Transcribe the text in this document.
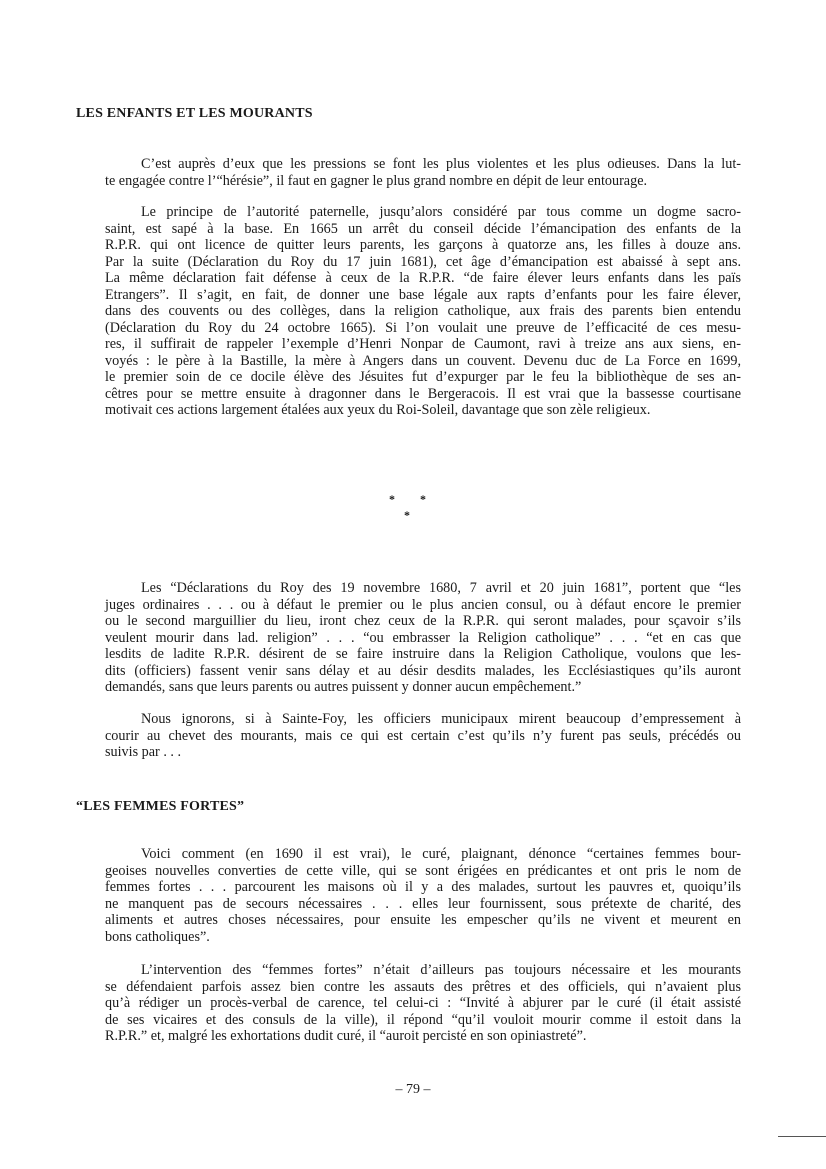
LES ENFANTS ET LES MOURANTS
C’est auprès d’eux que les pressions se font les plus violentes et les plus odieuses. Dans la lut-
te engagée contre l’“hérésie”, il faut en gagner le plus grand nombre en dépit de leur entourage.
Le principe de l’autorité paternelle, jusqu’alors considéré par tous comme un dogme sacro-
saint, est sapé à la base. En 1665 un arrêt du conseil décide l’émancipation des enfants de la
R.P.R. qui ont licence de quitter leurs parents, les garçons à quatorze ans, les filles à douze ans.
Par la suite (Déclaration du Roy du 17 juin 1681), cet âge d’émancipation est abaissé à sept ans.
La même déclaration fait défense à ceux de la R.P.R. “de faire élever leurs enfants dans les païs
Etrangers”. Il s’agit, en fait, de donner une base légale aux rapts d’enfants pour les faire élever,
dans des couvents ou des collèges, dans la religion catholique, aux frais des parents bien entendu
(Déclaration du Roy du 24 octobre 1665). Si l’on voulait une preuve de l’efficacité de ces mesu-
res, il suffirait de rappeler l’exemple d’Henri Nonpar de Caumont, ravi à treize ans aux siens, en-
voyés : le père à la Bastille, la mère à Angers dans un couvent. Devenu duc de La Force en 1699,
le premier soin de ce docile élève des Jésuites fut d’expurger par le feu la bibliothèque de ses an-
cêtres pour se mettre ensuite à dragonner dans le Bergeracois. Il est vrai que la bassesse courtisane
motivait ces actions largement étalées aux yeux du Roi-Soleil, davantage que son zèle religieux.
* *
*
Les “Déclarations du Roy des 19 novembre 1680, 7 avril et 20 juin 1681”, portent que “les
juges ordinaires . . . ou à défaut le premier ou le plus ancien consul, ou à défaut encore le premier
ou le second marguillier du lieu, iront chez ceux de la R.P.R. qui seront malades, pour sçavoir s’ils
veulent mourir dans lad. religion” . . . “ou embrasser la Religion catholique” . . . “et en cas que
lesdits de ladite R.P.R. désirent de se faire instruire dans la Religion Catholique, voulons que les-
dits (officiers) fassent venir sans délay et au désir desdits malades, les Ecclésiastiques qu’ils auront
demandés, sans que leurs parents ou autres puissent y donner aucun empêchement.”
Nous ignorons, si à Sainte-Foy, les officiers municipaux mirent beaucoup d’empressement à
courir au chevet des mourants, mais ce qui est certain c’est qu’ils n’y furent pas seuls, précédés ou
suivis par . . .
“LES FEMMES FORTES”
Voici comment (en 1690 il est vrai), le curé, plaignant, dénonce “certaines femmes bour-
geoises nouvelles converties de cette ville, qui se sont érigées en prédicantes et ont pris le nom de
femmes fortes . . . parcourent les maisons où il y a des malades, surtout les pauvres et, quoiqu’ils
ne manquent pas de secours nécessaires . . . elles leur fournissent, sous prétexte de charité, des
aliments et autres choses nécessaires, pour ensuite les empescher qu’ils ne vivent et meurent en
bons catholiques”.
L’intervention des “femmes fortes” n’était d’ailleurs pas toujours nécessaire et les mourants
se défendaient parfois assez bien contre les assauts des prêtres et des officiels, qui n’avaient plus
qu’à rédiger un procès-verbal de carence, tel celui-ci : “Invité à abjurer par le curé (il était assisté
de ses vicaires et des consuls de la ville), il répond “qu’il vouloit mourir comme il estoit dans la
R.P.R.” et, malgré les exhortations dudit curé, il “auroit percisté en son opiniastreté”.
– 79 –
